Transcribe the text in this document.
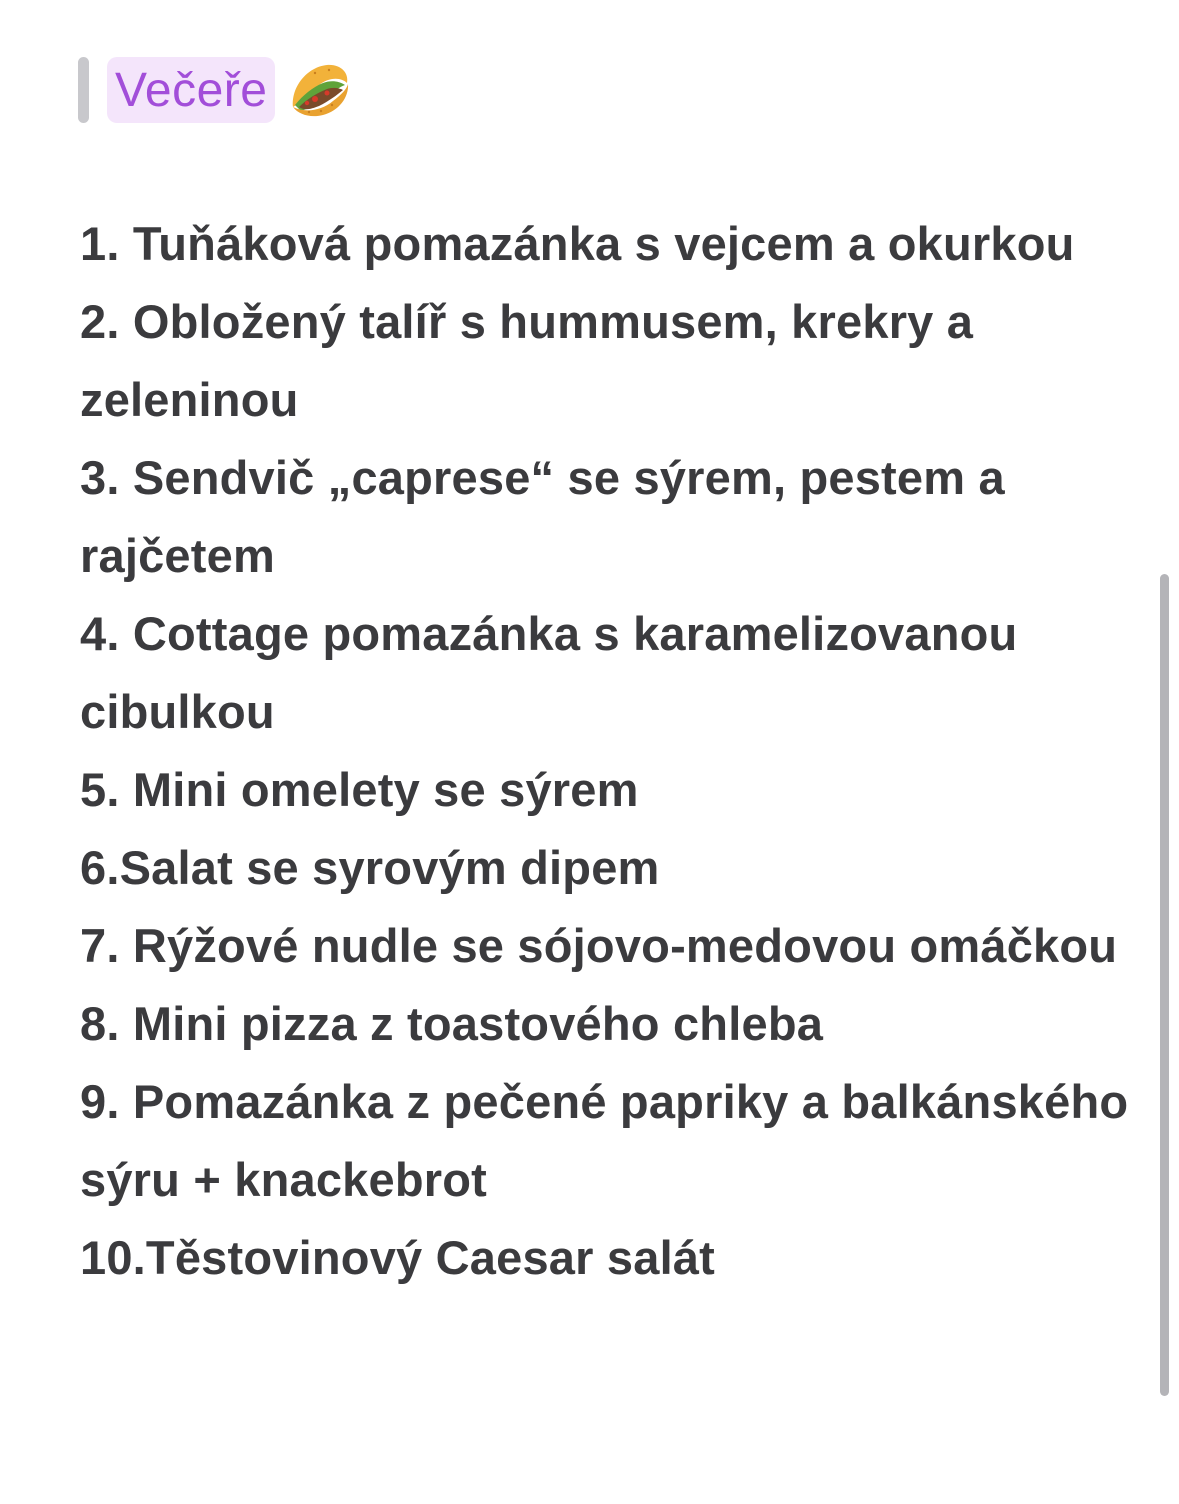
Večeře
1. Tuňáková pomazánka s vejcem a okurkou
2. Obložený talíř s hummusem, krekry a zeleninou
3. Sendvič „caprese“ se sýrem, pestem a rajčetem
4. Cottage pomazánka s karamelizovanou cibulkou
5. Mini omelety se sýrem
6.Salat se syrovým dipem
7. Rýžové nudle se sójovo-medovou omáčkou
8. Mini pizza z toastového chleba
9. Pomazánka z pečené papriky a balkánského sýru + knackebrot
10.Těstovinový Caesar salát
